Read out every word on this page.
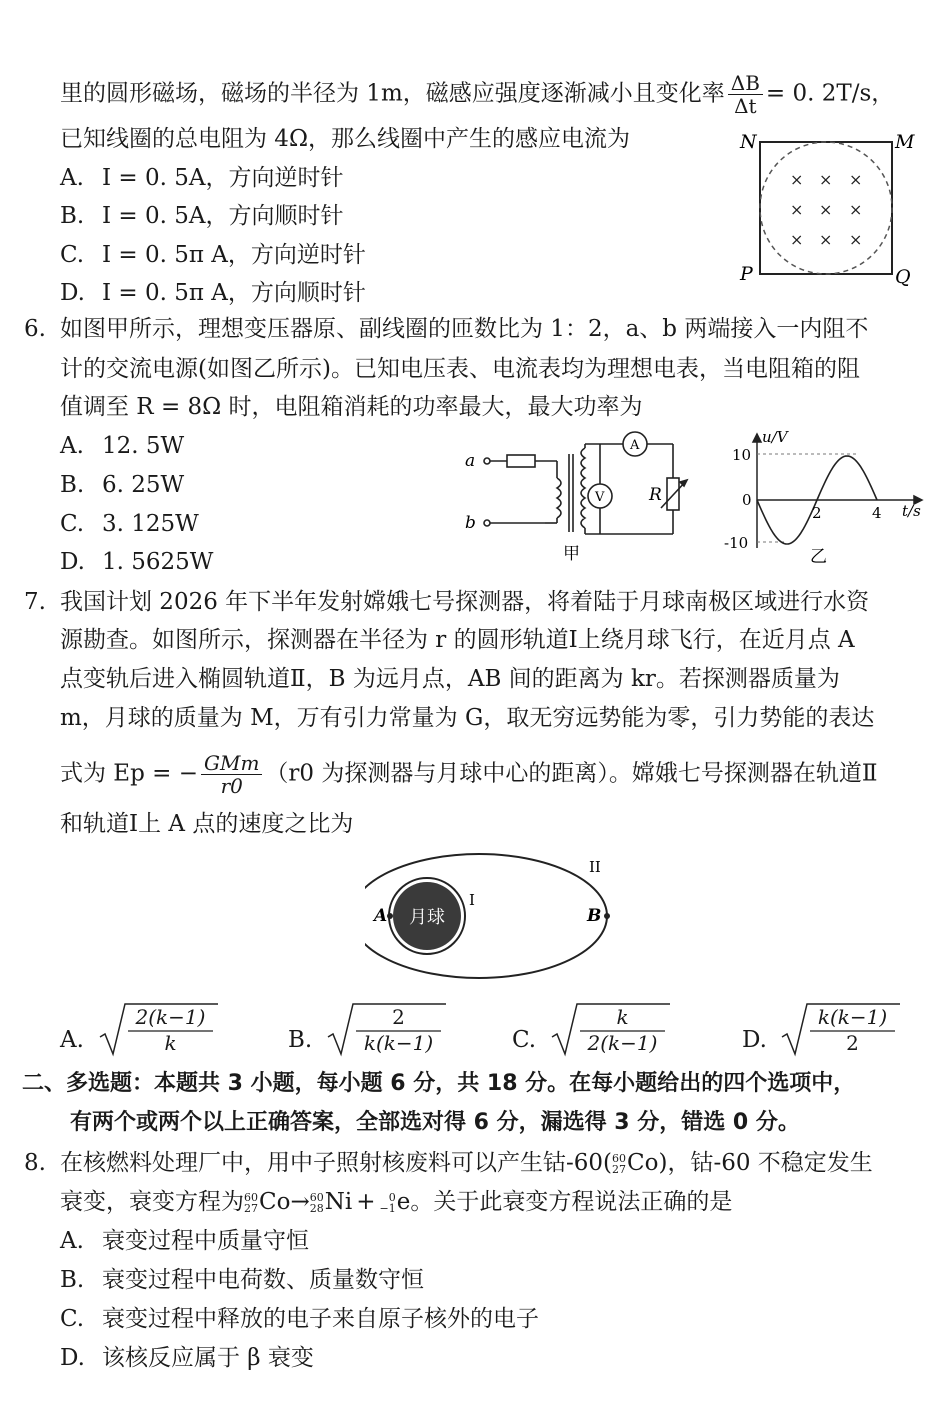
里的圆形磁场，磁场的半径为 1m，磁感应强度逐渐减小且变化率 $\frac{\Delta B}{\Delta t} = 0$. 2T/s，
已知线圈的总电阻为 4Ω，那么线圈中产生的感应电流为
A. I = 0. 5A，方向逆时针
B. I = 0. 5A，方向顺时针
C. I = 0. 5π A，方向逆时针
D. I = 0. 5π A，方向顺时针
× × ×
× × ×
× × ×
N	M
P	Q
6. 如图甲所示，理想变压器原、副线圈的匝数比为 1：2，a、b 两端接入一内阻不
计的交流电源(如图乙所示)。已知电压表、电流表均为理想电表，当电阻箱的阻
值调至 R = 8Ω 时，电阻箱消耗的功率最大，最大功率为
A. 12. 5W
B. 6. 25W
C. 3. 125W
D. 1. 5625W
a
b
A
V	R
甲
u/V
t/s
10
0
-10
2	4
乙
7. 我国计划 2026 年下半年发射嫦娥七号探测器，将着陆于月球南极区域进行水资
源勘查。如图所示，探测器在半径为 r 的圆形轨道Ⅰ上绕月球飞行，在近月点 A
点变轨后进入椭圆轨道Ⅱ，B 为远月点，AB 间的距离为 kr。若探测器质量为
m，月球的质量为 M，万有引力常量为 G，取无穷远势能为零，引力势能的表达
式为 Ep = − $\frac{\text{GMm}}{r0} (r0$ 为探测器与月球中心的距离）。嫦娥七号探测器在轨道Ⅱ
和轨道Ⅰ上 A 点的速度之比为
月球
A	B
I
II
A.
2(k−1)
k	B.
2
k(k−1)	C.
k
2(k−1)	D.
k(k−1)
2
二、多选题：本题共 3 小题，每小题 6 分，共 18 分。在每小题给出的四个选项中，
有两个或两个以上正确答案，全部选对得 6 分，漏选得 3 分，错选 0 分。
8. 在核燃料处理厂中，用中子照射核废料可以产生钴-60( 60
27 Co)，钴-60 不稳定发生
衰变，衰变方程为 60
27 Co→ 60
28 Ni +	0
−1 e。关于此衰变方程说法正确的是
A. 衰变过程中质量守恒
B. 衰变过程中电荷数、质量数守恒
C. 衰变过程中释放的电子来自原子核外的电子
D. 该核反应属于 β 衰变
